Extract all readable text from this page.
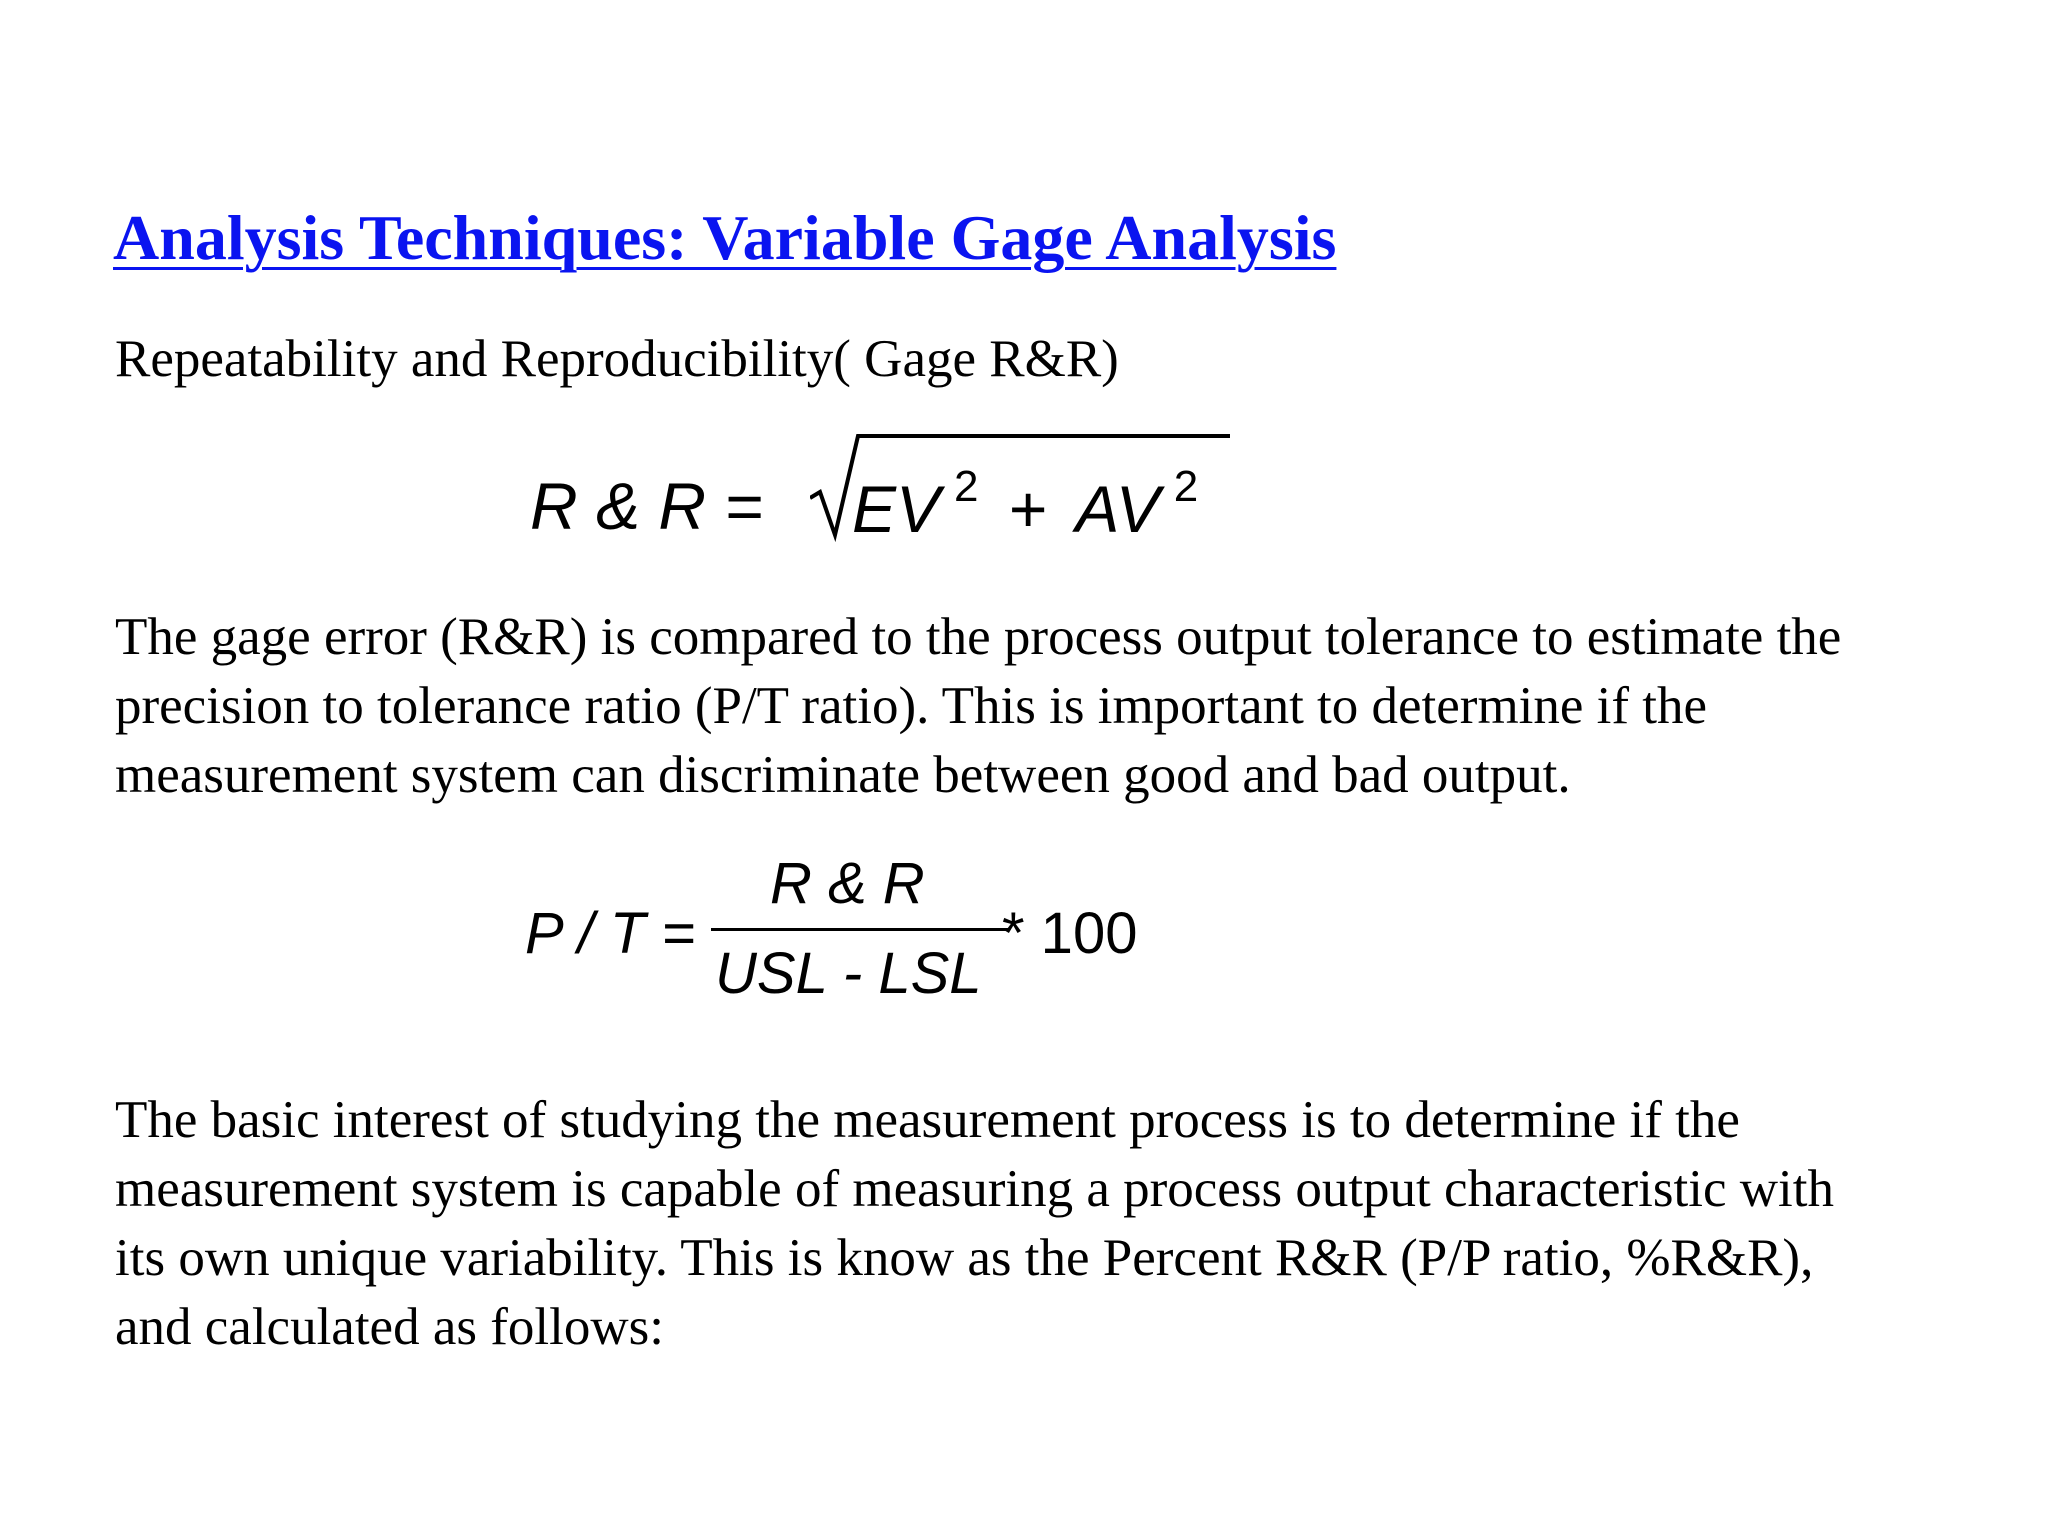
Analysis Techniques: Variable Gage Analysis
Repeatability and Reproducibility( Gage R&R)
R & R = EV $^2$ + AV $^2$
The gage error (R&R) is compared to the process output tolerance to estimate the
precision to tolerance ratio (P/T ratio). This is important to determine if the
measurement system can discriminate between good and bad output.
P / T =
R & R
USL - LSL
* 100
The basic interest of studying the measurement process is to determine if the
measurement system is capable of measuring a process output characteristic with
its own unique variability. This is know as the Percent R&R (P/P ratio, %R&R),
and calculated as follows:
